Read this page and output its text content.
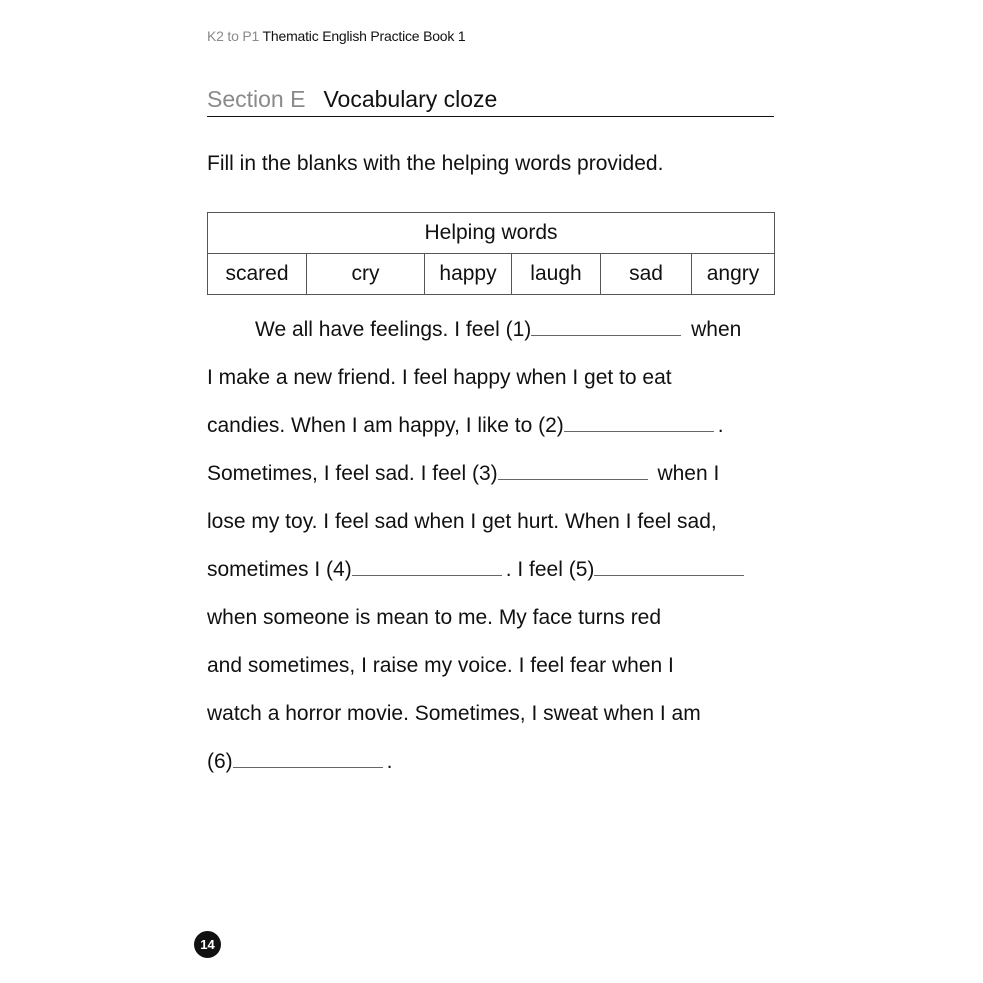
K2 to P1 Thematic English Practice Book 1
Section E Vocabulary cloze
Fill in the blanks with the helping words provided.
Helping words
scared	cry	happy	laugh	sad	angry
We all have feelings. I feel (1)	when
I make a new friend. I feel happy when I get to eat
candies. When I am happy, I like to (2)	.
Sometimes, I feel sad. I feel (3)	when I
lose my toy. I feel sad when I get hurt. When I feel sad,
sometimes I (4)	. I feel (5)
when someone is mean to me. My face turns red
and sometimes, I raise my voice. I feel fear when I
watch a horror movie. Sometimes, I sweat when I am
(6)	.
14
